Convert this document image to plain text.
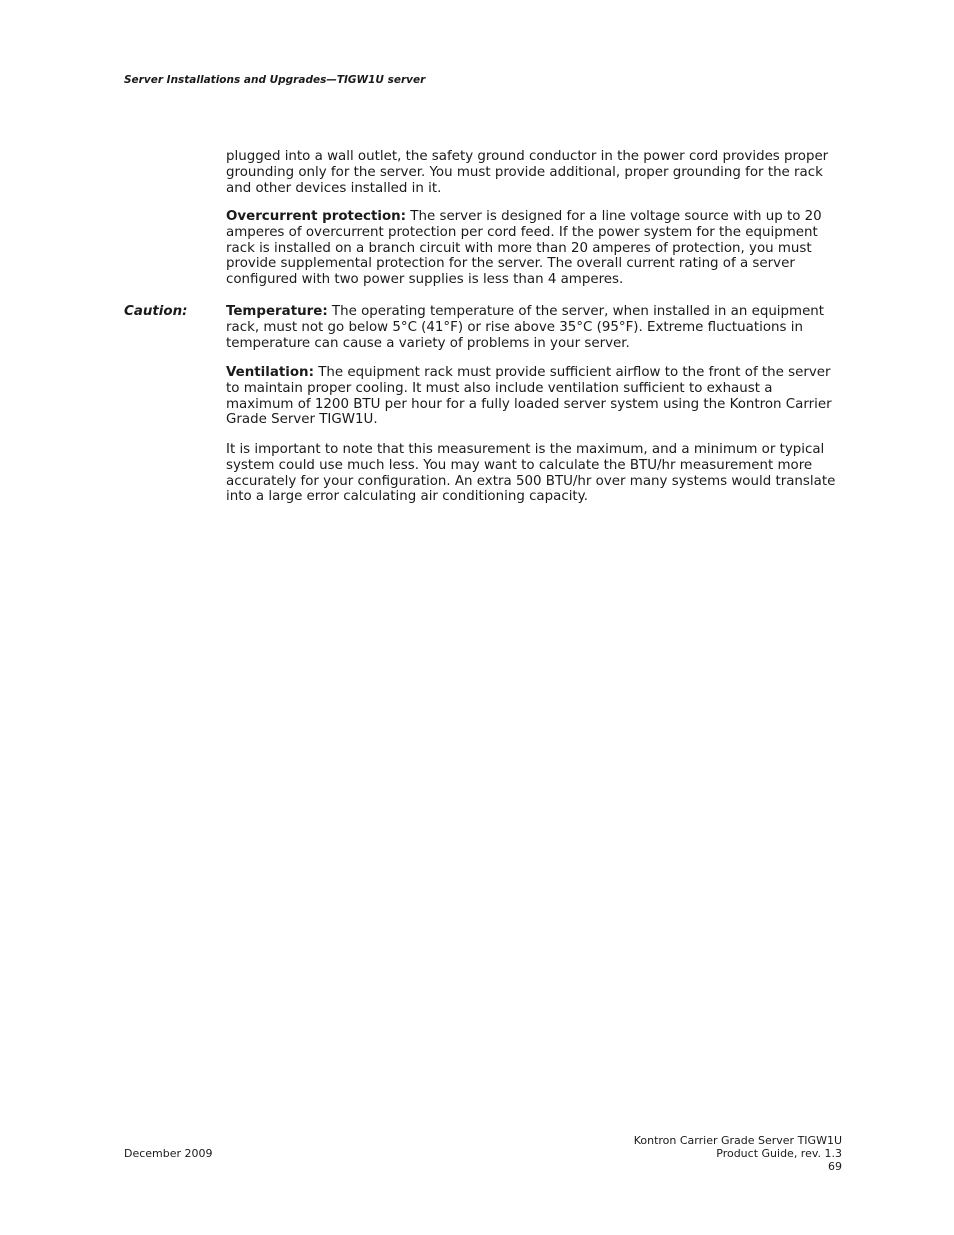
Server Installations and Upgrades—TIGW1U server

plugged into a wall outlet, the safety ground conductor in the power cord provides proper grounding only for the server. You must provide additional, proper grounding for the rack and other devices installed in it.

Overcurrent protection: The server is designed for a line voltage source with up to 20 amperes of overcurrent protection per cord feed. If the power system for the equipment rack is installed on a branch circuit with more than 20 amperes of protection, you must provide supplemental protection for the server. The overall current rating of a server configured with two power supplies is less than 4 amperes.

Caution:	Temperature: The operating temperature of the server, when installed in an equipment rack, must not go below 5°C (41°F) or rise above 35°C (95°F). Extreme fluctuations in temperature can cause a variety of problems in your server.

Ventilation: The equipment rack must provide sufficient airflow to the front of the server to maintain proper cooling. It must also include ventilation sufficient to exhaust a maximum of 1200 BTU per hour for a fully loaded server system using the Kontron Carrier Grade Server TIGW1U.

It is important to note that this measurement is the maximum, and a minimum or typical system could use much less. You may want to calculate the BTU/hr measurement more accurately for your configuration. An extra 500 BTU/hr over many systems would translate into a large error calculating air conditioning capacity.

December 2009
Kontron Carrier Grade Server TIGW1U
Product Guide, rev. 1.3
69
